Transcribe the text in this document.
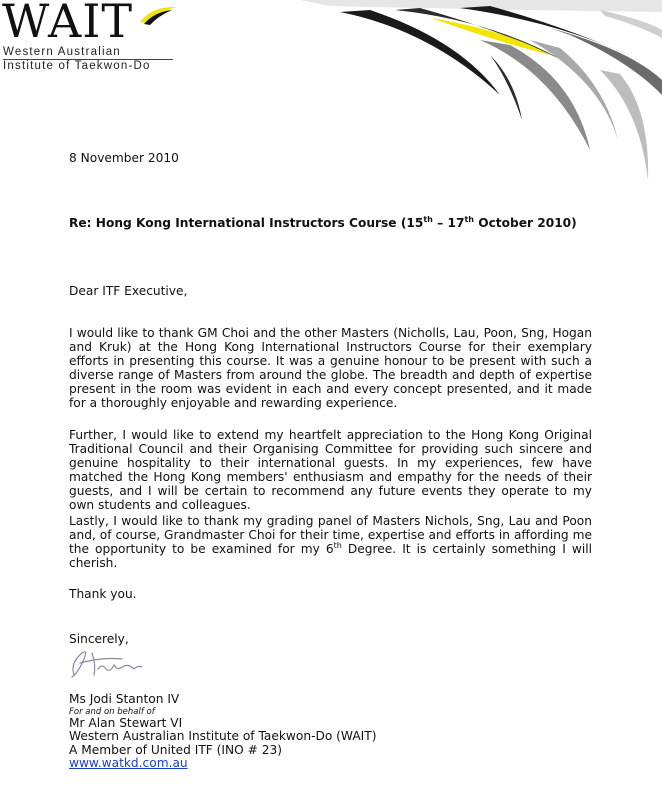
WAIT
Western Australian
Institute of Taekwon-Do
8 November 2010
Re: Hong Kong International Instructors Course (15th – 17th October 2010)
Dear ITF Executive,

I would like to thank GM Choi and the other Masters (Nicholls, Lau, Poon, Sng, Hogan and Kruk) at the Hong Kong International Instructors Course for their exemplary efforts in presenting this course. It was a genuine honour to be present with such a diverse range of Masters from around the globe. The breadth and depth of expertise present in the room was evident in each and every concept presented, and it made for a thoroughly enjoyable and rewarding experience.

Further, I would like to extend my heartfelt appreciation to the Hong Kong Original Traditional Council and their Organising Committee for providing such sincere and genuine hospitality to their international guests. In my experiences, few have matched the Hong Kong members' enthusiasm and empathy for the needs of their guests, and I will be certain to recommend any future events they operate to my own students and colleagues.

Lastly, I would like to thank my grading panel of Masters Nichols, Sng, Lau and Poon and, of course, Grandmaster Choi for their time, expertise and efforts in affording me the opportunity to be examined for my 6th Degree. It is certainly something I will cherish.

Thank you.
Sincerely,
Ms Jodi Stanton IV
For and on behalf of
Mr Alan Stewart VI
Western Australian Institute of Taekwon-Do (WAIT)
A Member of United ITF (INO # 23)
www.watkd.com.au
